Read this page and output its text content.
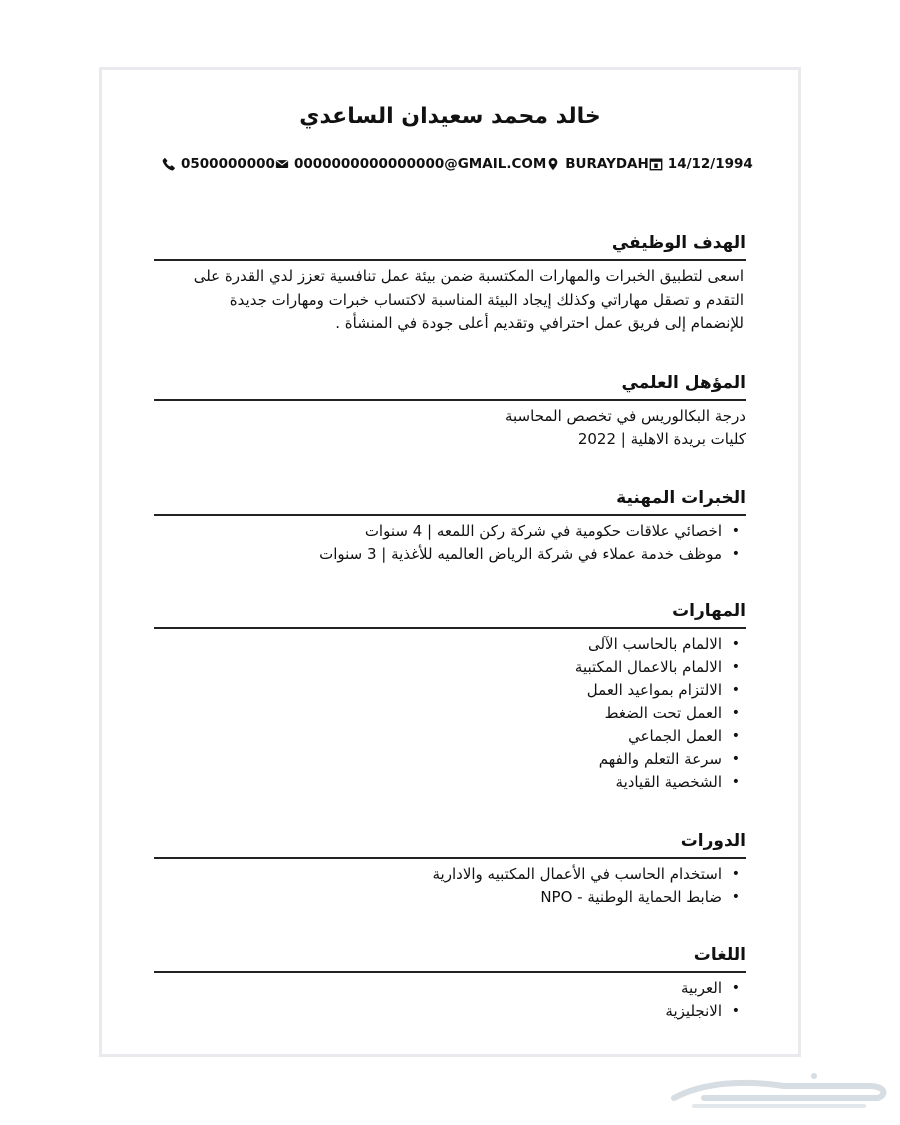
خالد محمد سعيدان الساعدي
0500000000 0000000000000000@GMAIL.COM BURAYDAH 14/12/1994
الهدف الوظيفي
اسعى لتطبيق الخبرات والمهارات المكتسبة ضمن بيئة عمل تنافسية تعزز لدي القدرة على
التقدم و تصقل مهاراتي وكذلك إيجاد البيئة المناسبة لاكتساب خبرات ومهارات جديدة
للإنضمام إلى فريق عمل احترافي وتقديم أعلى جودة في المنشأة .
المؤهل العلمي
درجة البكالوريس في تخصص المحاسبة
كليات بريدة الاهلية | 2022
الخبرات المهنية
• اخصائي علاقات حكومية في شركة ركن اللمعه | 4 سنوات
• موظف خدمة عملاء في شركة الرياض العالميه للأغذية | 3 سنوات
المهارات
• الالمام بالحاسب الآلى
• الالمام بالاعمال المكتبية
• الالتزام بمواعيد العمل
• العمل تحت الضغط
• العمل الجماعي
• سرعة التعلم والفهم
• الشخصية القيادية
الدورات
• استخدام الحاسب في الأعمال المكتبيه والادارية
• ضابط الحماية الوطنية - NPO
اللغات
• العربية
• الانجليزية
